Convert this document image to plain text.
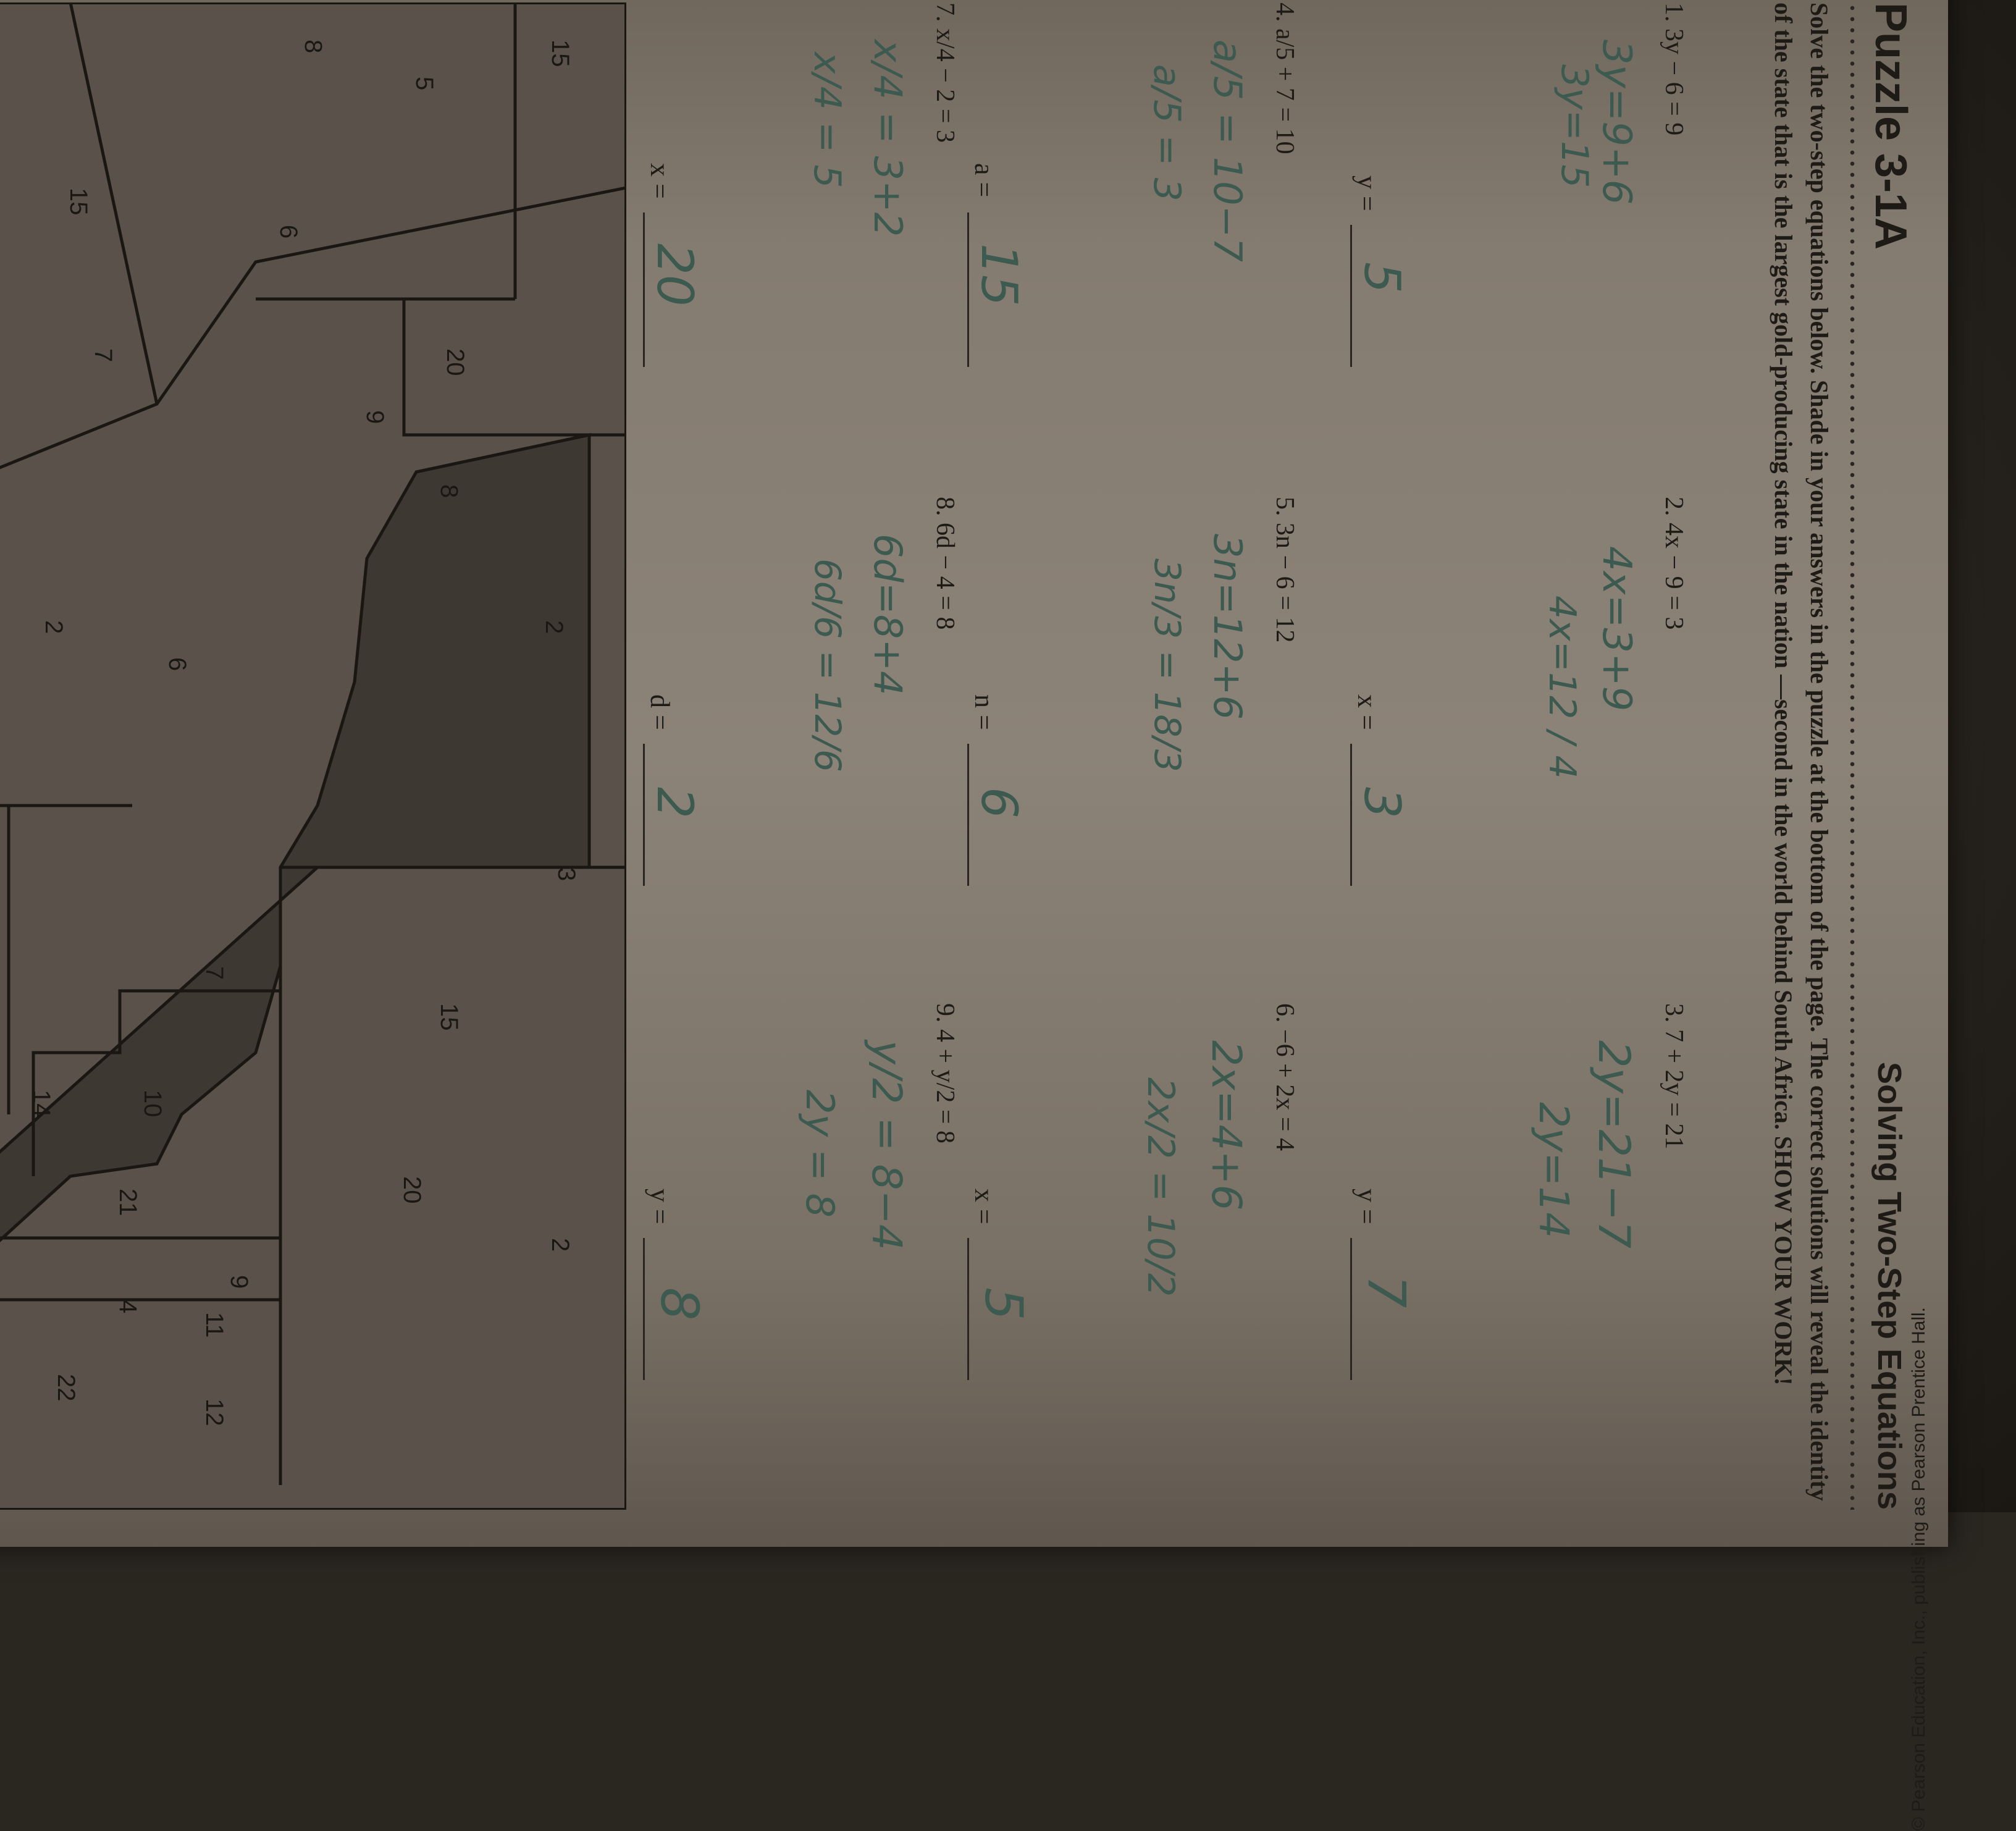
Puzzle 3-1A
Solving Two-Step Equations
Solve the two-step equations below. Shade in your answers in the puzzle at the bottom of the page. The correct solutions will reveal the identity of the state that is the largest gold-producing state in the nation —second in the world behind South Africa. SHOW YOUR WORK!
© Pearson Education, Inc., publishing as Pearson Prentice Hall.
1. 3y − 6 = 9
3y=9+6
3y=15
y =
5
2. 4x − 9 = 3
4x=3+9
4x=12 / 4
x =
3
3. 7 + 2y = 21
2y=21−7
2y=14
y =
7
4. a/5 + 7 = 10
a/5 = 10−7
a/5 = 3
a =
15
5. 3n − 6 = 12
3n=12+6
3n/3 = 18/3
n =
6
6. −6 + 2x = 4
2x=4+6
2x/2 = 10/2
x =
5
7. x/4 − 2 = 3
x/4 = 3+2
x/4 = 5
x =
20
8. 6d − 4 = 8
6d=8+4
6d/6 = 12/6
d =
2
9. 4 + y/2 = 8
y/2 = 8−4
2y = 8
y =
8
15
5
8
15
20
6
7
8
9
2
6
2
3
15
7
10
14
21
4
9
11
12
22
20
2
